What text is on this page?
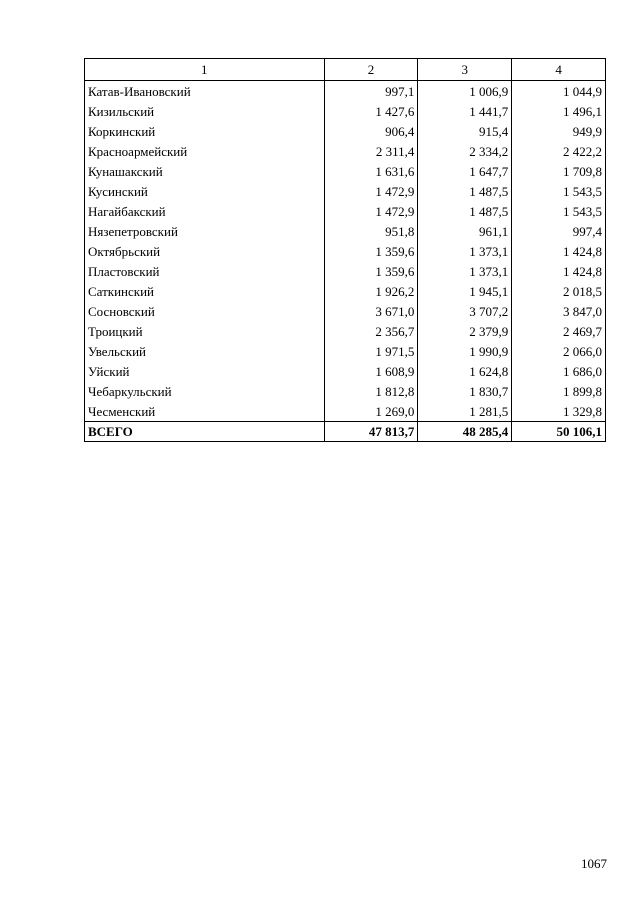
1	2	3	4
Катав-Ивановский	997,1	1 006,9	1 044,9
Кизильский	1 427,6	1 441,7	1 496,1
Коркинский	906,4	915,4	949,9
Красноармейский	2 311,4	2 334,2	2 422,2
Кунашакский	1 631,6	1 647,7	1 709,8
Кусинский	1 472,9	1 487,5	1 543,5
Нагайбакский	1 472,9	1 487,5	1 543,5
Нязепетровский	951,8	961,1	997,4
Октябрьский	1 359,6	1 373,1	1 424,8
Пластовский	1 359,6	1 373,1	1 424,8
Саткинский	1 926,2	1 945,1	2 018,5
Сосновский	3 671,0	3 707,2	3 847,0
Троицкий	2 356,7	2 379,9	2 469,7
Увельский	1 971,5	1 990,9	2 066,0
Уйский	1 608,9	1 624,8	1 686,0
Чебаркульский	1 812,8	1 830,7	1 899,8
Чесменский	1 269,0	1 281,5	1 329,8
ВСЕГО	47 813,7	48 285,4	50 106,1
1067
